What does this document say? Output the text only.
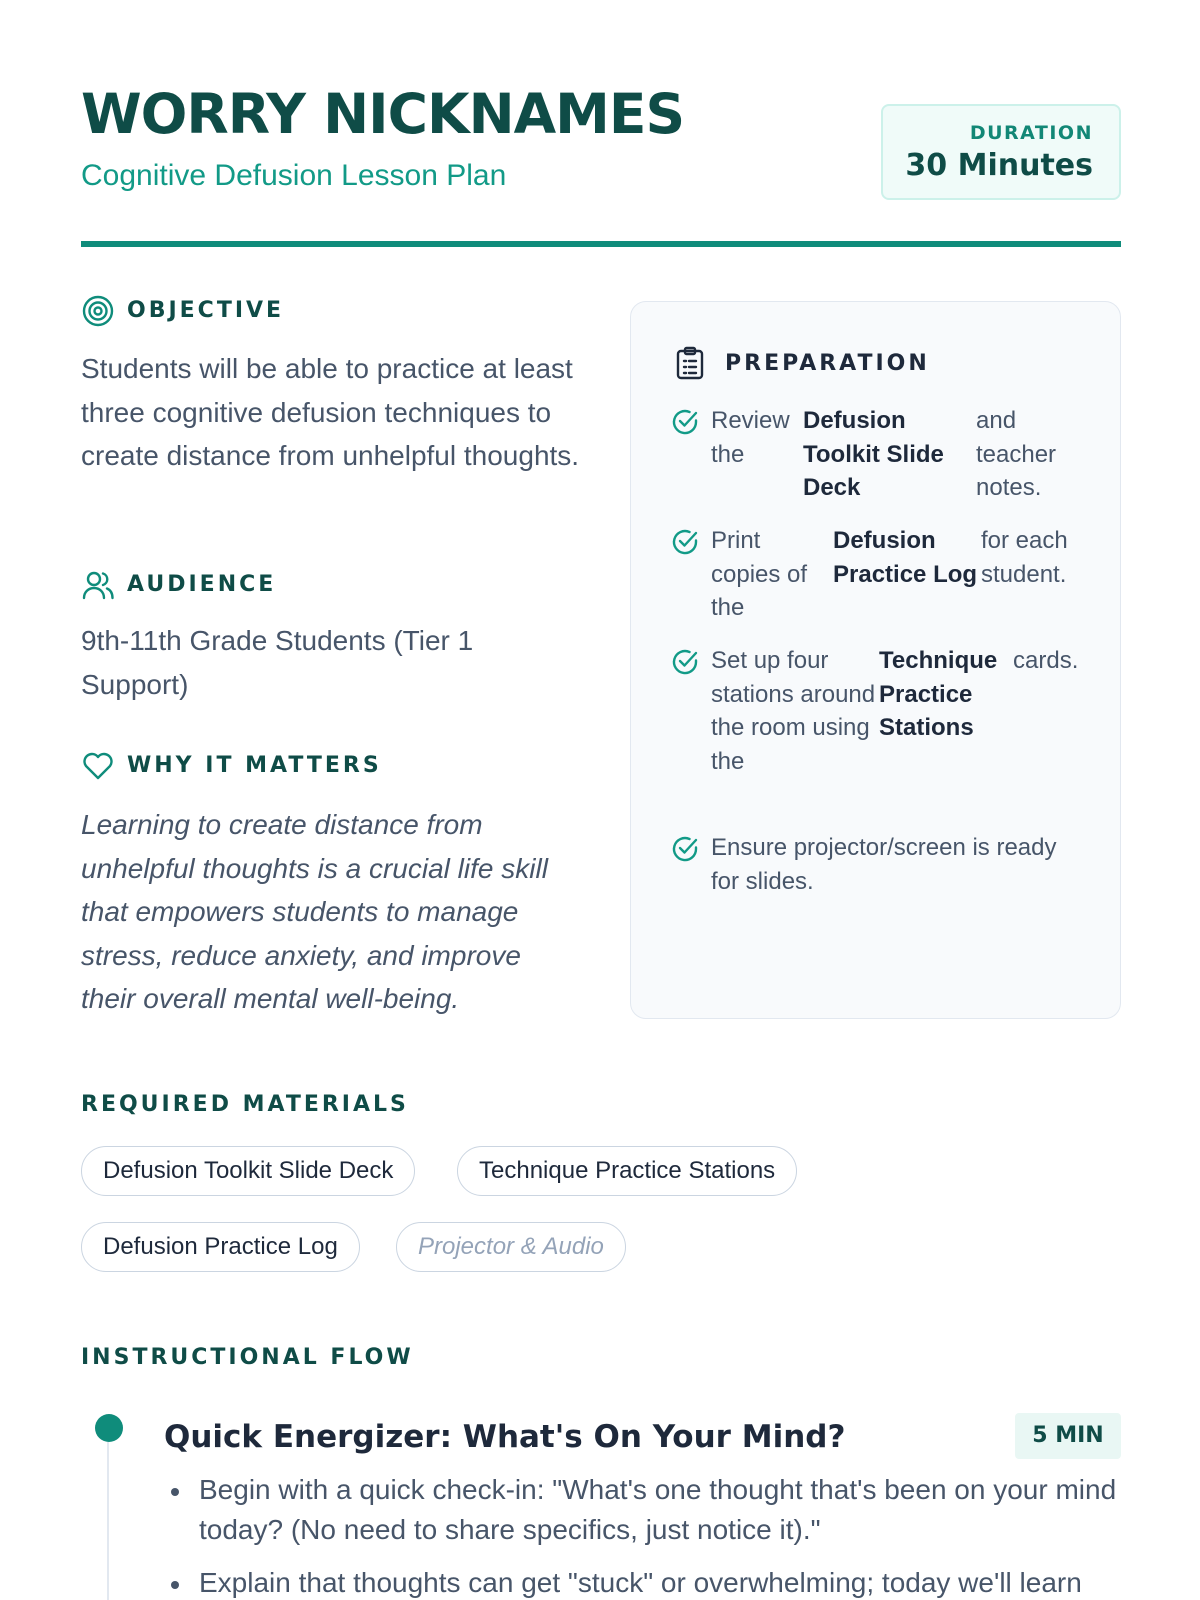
WORRY NICKNAMES
Cognitive Defusion Lesson Plan
DURATION
30 Minutes
OBJECTIVE

Students will be able to practice at least three cognitive defusion techniques to create distance from unhelpful thoughts.

AUDIENCE

9th-11th Grade Students (Tier 1 Support)

WHY IT MATTERS

Learning to create distance from unhelpful thoughts is a crucial life skill that empowers students to manage stress, reduce anxiety, and improve their overall mental well-being.

PREPARATION
Review the
Defusion Toolkit Slide Deck
and teacher notes.
Print copies of the
Defusion Practice Log
for each student.
Set up four stations around the room using the
Technique Practice Stations
cards.
Ensure projector/screen is ready for slides.
REQUIRED MATERIALS
Defusion Toolkit Slide Deck	Technique Practice Stations
Defusion Practice Log	Projector & Audio
INSTRUCTIONAL FLOW
Quick Energizer: What's On Your Mind?	5 MIN
Begin with a quick check-in: "What's one thought that's been on your mind today? (No need to share specifics, just notice it)."
Explain that thoughts can get "stuck" or overwhelming; today we'll learn
